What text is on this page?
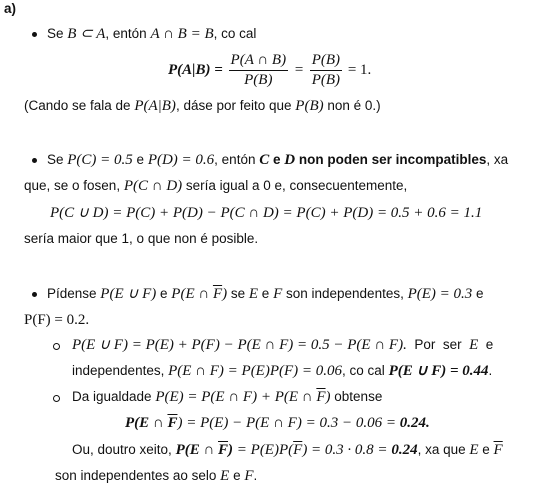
a)
Se B ⊂ A, entón A ∩ B = B, co cal
$P(A|B) = \frac{P(A \cap B)}{P(B)} = \frac{P(B)}{P(B)} = 1$.
(Cando se fala de P(A|B), dáse por feito que P(B) non é 0.)
Se P(C) = 0.5 e P(D) = 0.6, entón C e D non poden ser incompatibles, xa
que, se o fosen, P(C ∩ D) sería igual a 0 e, consecuentemente,
P(C ∪ D) = P(C) + P(D) − P(C ∩ D) = P(C) + P(D) = 0.5 + 0.6 = 1.1
sería maior que 1, o que non é posible.
Pídense P(E ∪ F) e P(E ∩ $\overline{F}$) se E e F son independentes, P(E) = 0.3 e
P(F) = 0.2.
P(E ∪ F) = P(E) + P(F) − P(E ∩ F) = 0.5 − P(E ∩ F).  Por  ser  E  e
independentes, P(E ∩ F) = P(E)P(F) = 0.06, co cal P(E ∪ F) = 0.44.
Da igualdade P(E) = P(E ∩ F) + P(E ∩ $\overline{F}$) obtense
P(E ∩ $\overline{F}) = P(E) - P(E$ ∩ F) = 0.3 − 0.06 = 0.24.
Ou, doutro xeito, P(E ∩ $\overline{F}) = P(E)P(\overline{F}) = 0.3 \cdot 0.8 = 0.24$, xa que E e $\overline{F}$
son independentes ao selo E e F.
